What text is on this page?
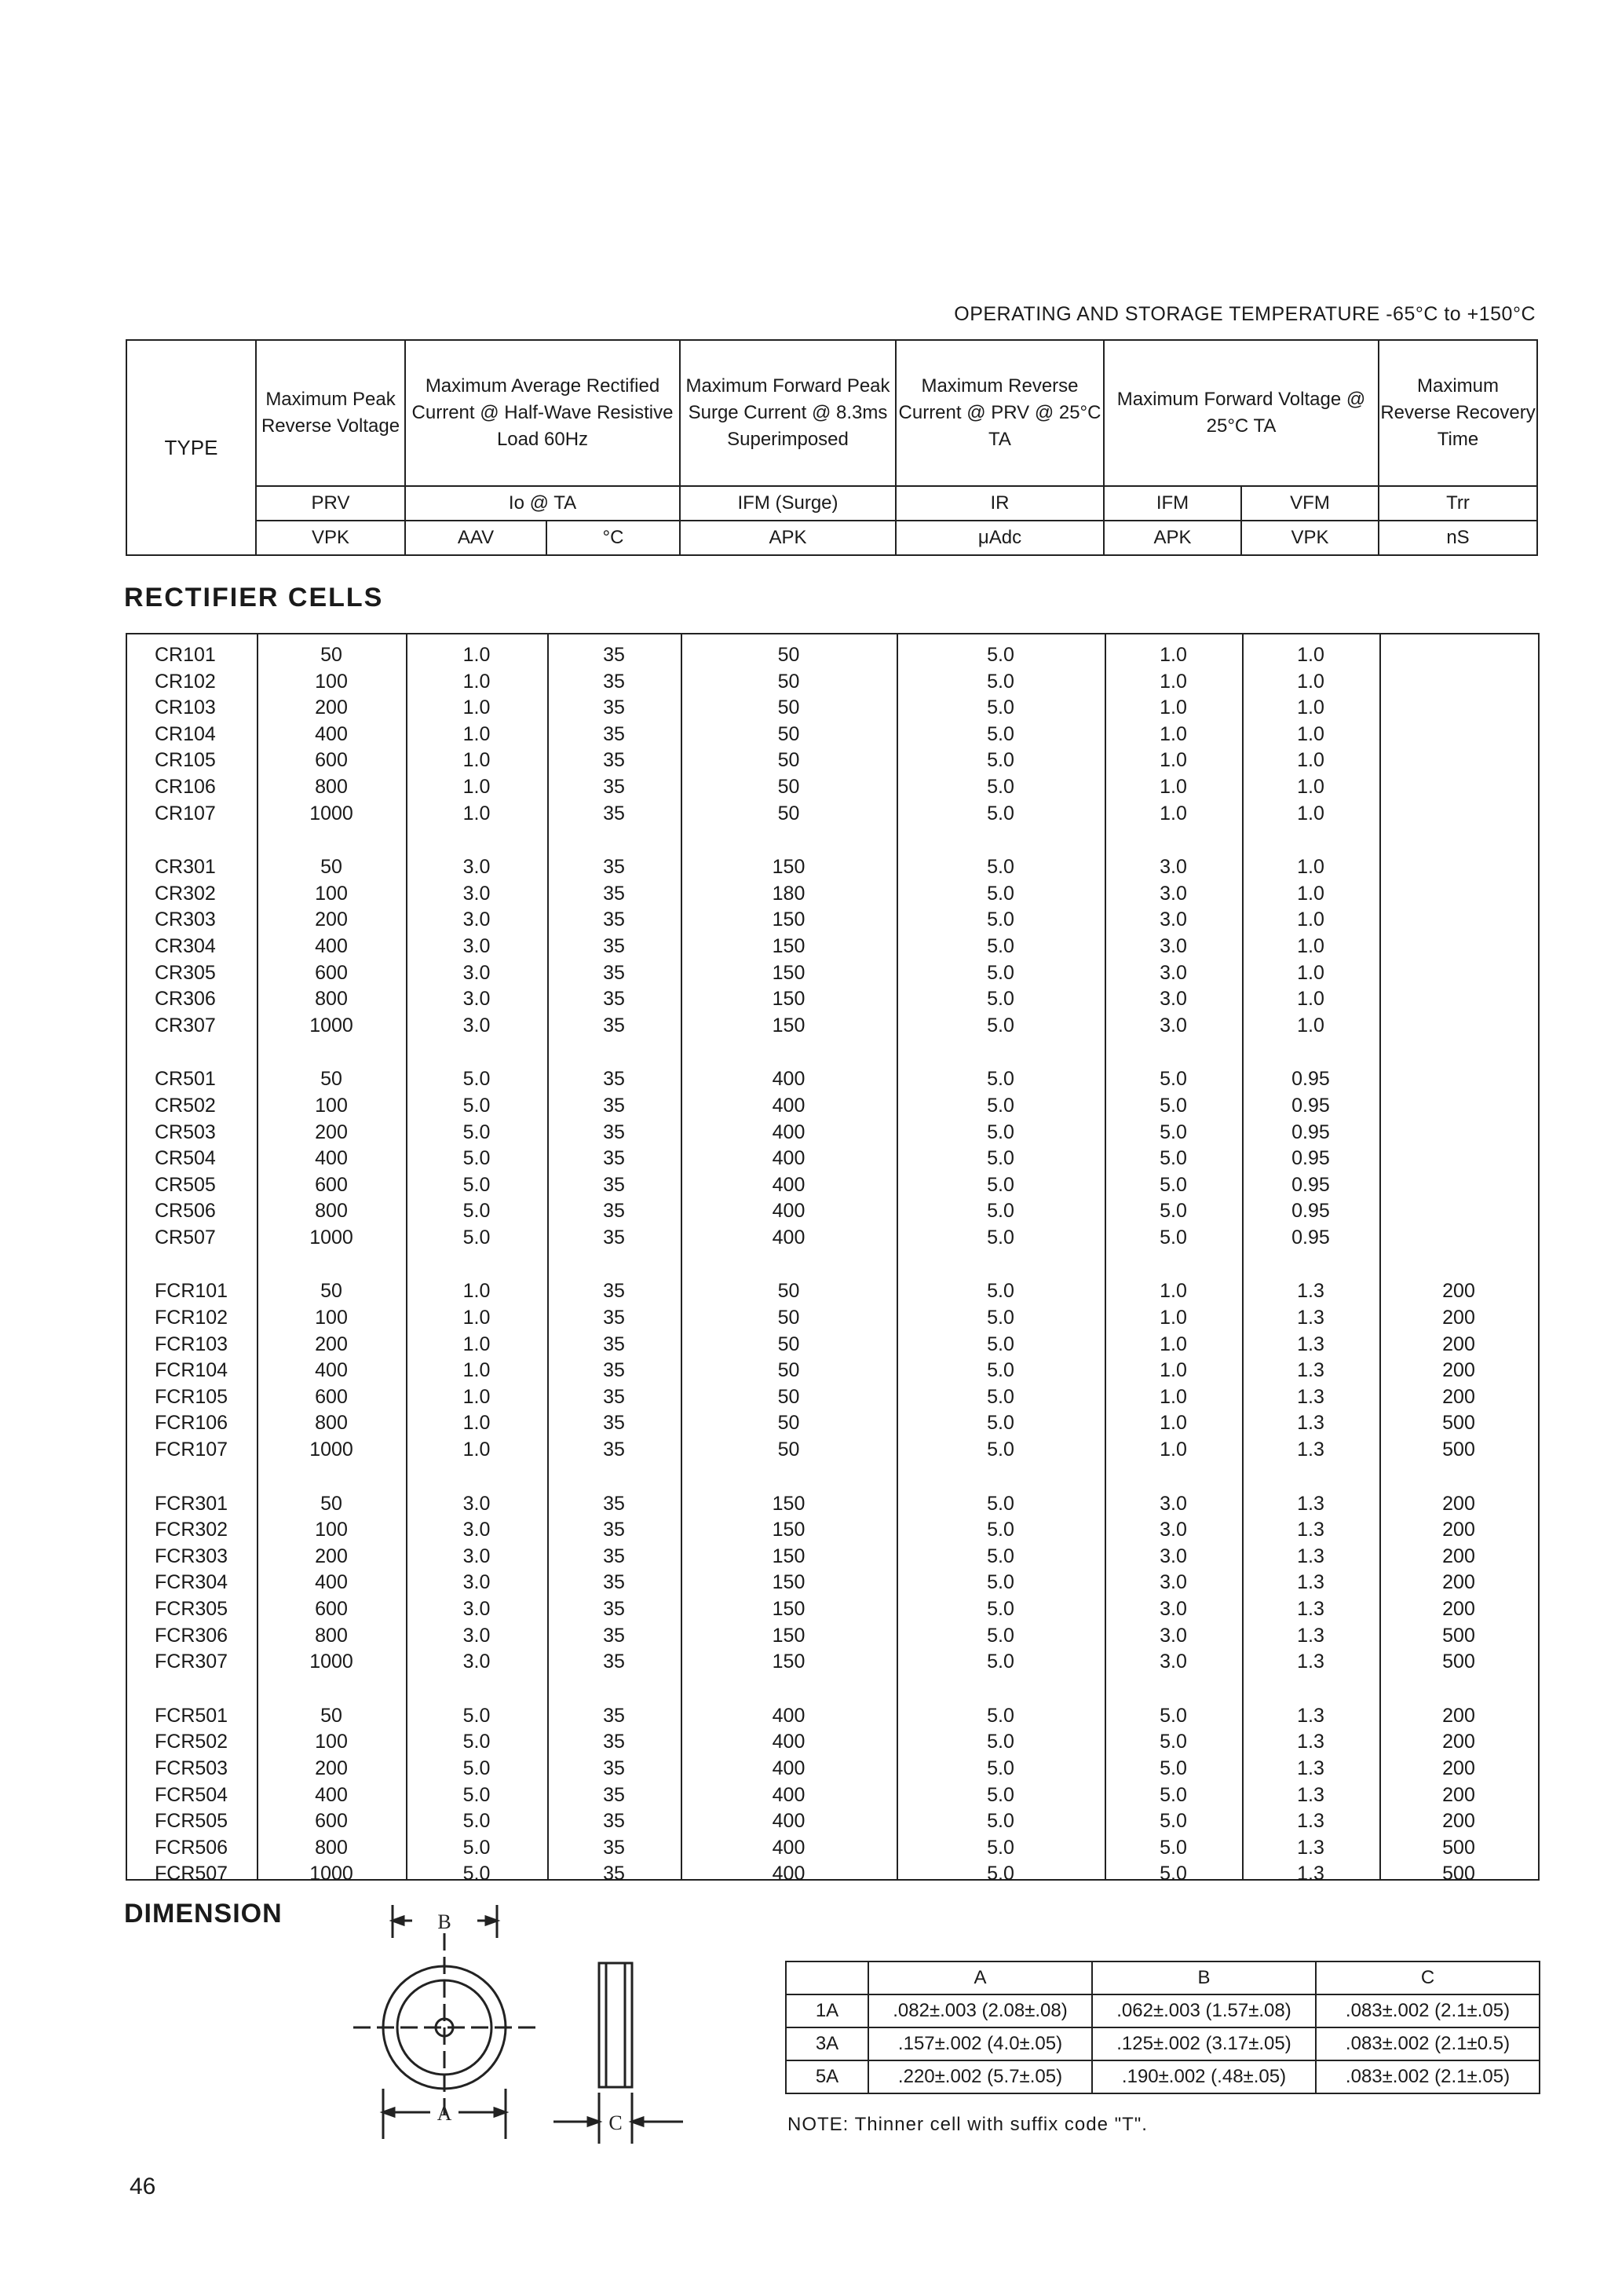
OPERATING AND STORAGE TEMPERATURE -65°C to +150°C
TYPE	Maximum Peak Reverse Voltage	Maximum Average Rectified Current @ Half-Wave Resistive Load 60Hz		Maximum Forward Peak Surge Current @ 8.3ms Superimposed	Maximum Reverse Current @ PRV @ 25°C TA	Maximum Forward Voltage @ 25°C TA		Maximum Reverse Recovery Time
	PRV	Io @ TA		IFM (Surge)	IR	IFM	VFM	Trr
	VPK	AAV	°C	APK	μAdc	APK	VPK	nS
RECTIFIER CELLS
CR101	50	1.0	35	50	5.0	1.0	1.0
CR102	100	1.0	35	50	5.0	1.0	1.0
CR103	200	1.0	35	50	5.0	1.0	1.0
CR104	400	1.0	35	50	5.0	1.0	1.0
CR105	600	1.0	35	50	5.0	1.0	1.0
CR106	800	1.0	35	50	5.0	1.0	1.0
CR107	1000	1.0	35	50	5.0	1.0	1.0
CR301	50	3.0	35	150	5.0	3.0	1.0
CR302	100	3.0	35	180	5.0	3.0	1.0
CR303	200	3.0	35	150	5.0	3.0	1.0
CR304	400	3.0	35	150	5.0	3.0	1.0
CR305	600	3.0	35	150	5.0	3.0	1.0
CR306	800	3.0	35	150	5.0	3.0	1.0
CR307	1000	3.0	35	150	5.0	3.0	1.0
CR501	50	5.0	35	400	5.0	5.0	0.95
CR502	100	5.0	35	400	5.0	5.0	0.95
CR503	200	5.0	35	400	5.0	5.0	0.95
CR504	400	5.0	35	400	5.0	5.0	0.95
CR505	600	5.0	35	400	5.0	5.0	0.95
CR506	800	5.0	35	400	5.0	5.0	0.95
CR507	1000	5.0	35	400	5.0	5.0	0.95
FCR101	50	1.0	35	50	5.0	1.0	1.3	200
FCR102	100	1.0	35	50	5.0	1.0	1.3	200
FCR103	200	1.0	35	50	5.0	1.0	1.3	200
FCR104	400	1.0	35	50	5.0	1.0	1.3	200
FCR105	600	1.0	35	50	5.0	1.0	1.3	200
FCR106	800	1.0	35	50	5.0	1.0	1.3	500
FCR107	1000	1.0	35	50	5.0	1.0	1.3	500
FCR301	50	3.0	35	150	5.0	3.0	1.3	200
FCR302	100	3.0	35	150	5.0	3.0	1.3	200
FCR303	200	3.0	35	150	5.0	3.0	1.3	200
FCR304	400	3.0	35	150	5.0	3.0	1.3	200
FCR305	600	3.0	35	150	5.0	3.0	1.3	200
FCR306	800	3.0	35	150	5.0	3.0	1.3	500
FCR307	1000	3.0	35	150	5.0	3.0	1.3	500
FCR501	50	5.0	35	400	5.0	5.0	1.3	200
FCR502	100	5.0	35	400	5.0	5.0	1.3	200
FCR503	200	5.0	35	400	5.0	5.0	1.3	200
FCR504	400	5.0	35	400	5.0	5.0	1.3	200
FCR505	600	5.0	35	400	5.0	5.0	1.3	200
FCR506	800	5.0	35	400	5.0	5.0	1.3	500
FCR507	1000	5.0	35	400	5.0	5.0	1.3	500
DIMENSION	B
A	C
	A	B	C
1A	.082±.003 (2.08±.08)	.062±.003 (1.57±.08)	.083±.002 (2.1±.05)
3A	.157±.002 (4.0±.05)	.125±.002 (3.17±.05)	.083±.002 (2.1±0.5)
5A	.220±.002 (5.7±.05)	.190±.002 (.48±.05)	.083±.002 (2.1±.05)
NOTE: Thinner cell with suffix code "T".
46
